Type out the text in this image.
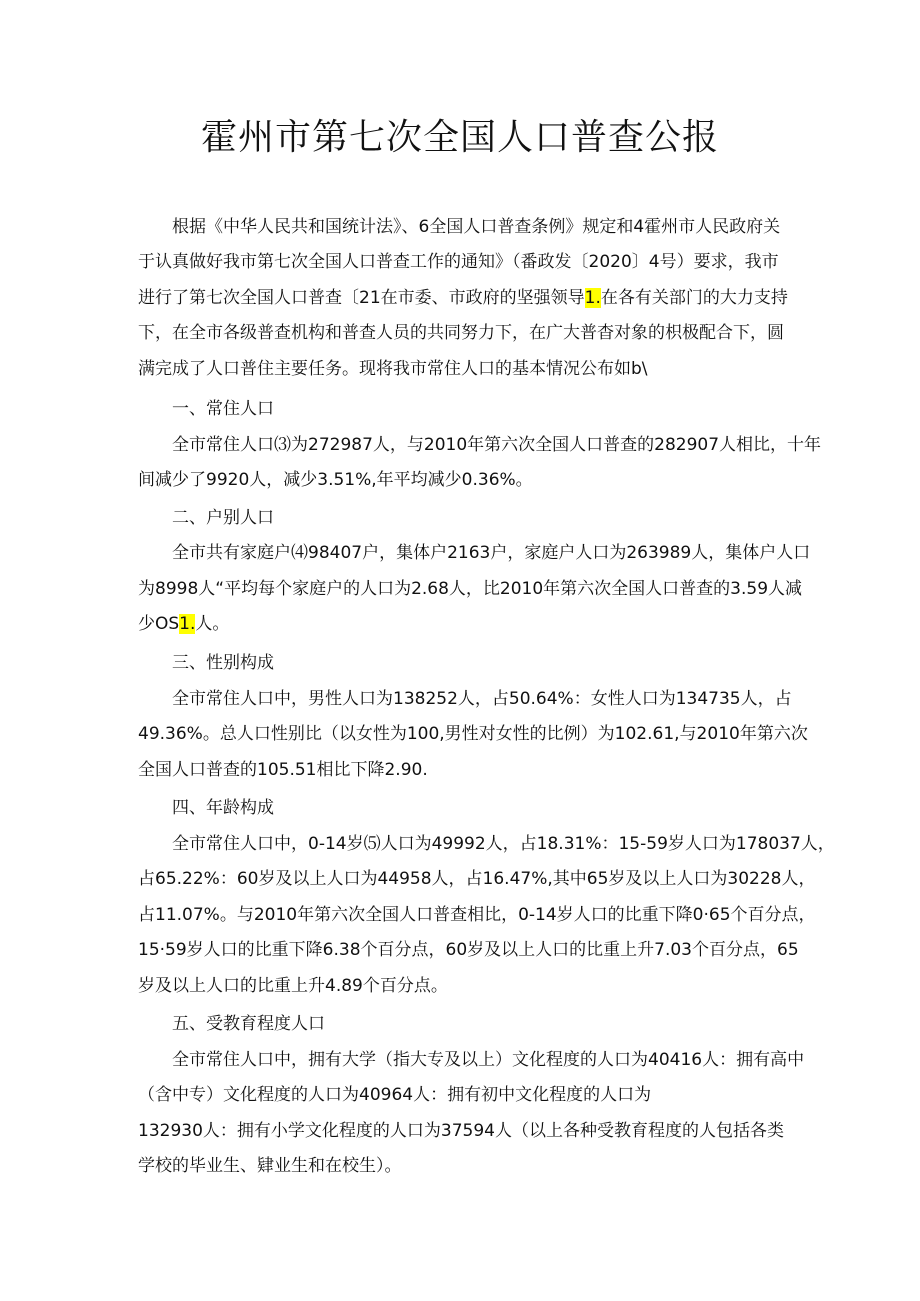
霍州市第七次全国人口普查公报
根据《中华人民共和国统计法》、6全国人口普查条例》规定和4霍州市人民政府关
于认真做好我市第七次全国人口普查工作的通知》（番政发〔2020〕4号）要求，我市
进行了第七次全国人口普查〔21在市委、市政府的坚强领导1.在各有关部门的大力支持
下，在全市各级普查机构和普查人员的共同努力下，在广大普杳对象的枳极配合下，圆
满完成了人口普住主要任务。现将我市常住人口的基本情况公布如b\
一、常住人口
全市常住人口⑶为272987人，与2010年第六次全国人口普查的282907人相比，十年
间减少了9920人，减少3.51%,年平均减少0.36%。
二、户别人口
全市共有家庭户⑷98407户，集体户2163户，家庭户人口为263989人，集体户人口
为8998人“平均每个家庭户的人口为2.68人，比2010年第六次全国人口普查的3.59人减
少OS1.人。
三、性别构成
全市常住人口中，男性人口为138252人，占50.64%：女性人口为134735人，占
49.36%。总人口性别比（以女性为100,男性对女性的比例）为102.61,与2010年第六次
全国人口普查的105.51相比下降2.90.
四、年龄构成
全市常住人口中，0-14岁⑸人口为49992人，占18.31%：15-59岁人口为178037人，
占65.22%：60岁及以上人口为44958人，占16.47%,其中65岁及以上人口为30228人，
占11.07%。与2010年第六次全国人口普查相比，0-14岁人口的比重下降0·65个百分点，
15·59岁人口的比重下降6.38个百分点，60岁及以上人口的比重上升7.03个百分点，65
岁及以上人口的比重上升4.89个百分点。
五、受教育程度人口
全市常住人口中，拥有大学（指大专及以上）文化程度的人口为40416人：拥有高中
（含中专）文化程度的人口为40964人：拥有初中文化程度的人口为
132930人：拥有小学文化程度的人口为37594人（以上各种受教育程度的人包括各类
学校的毕业生、肄业生和在校生）。
